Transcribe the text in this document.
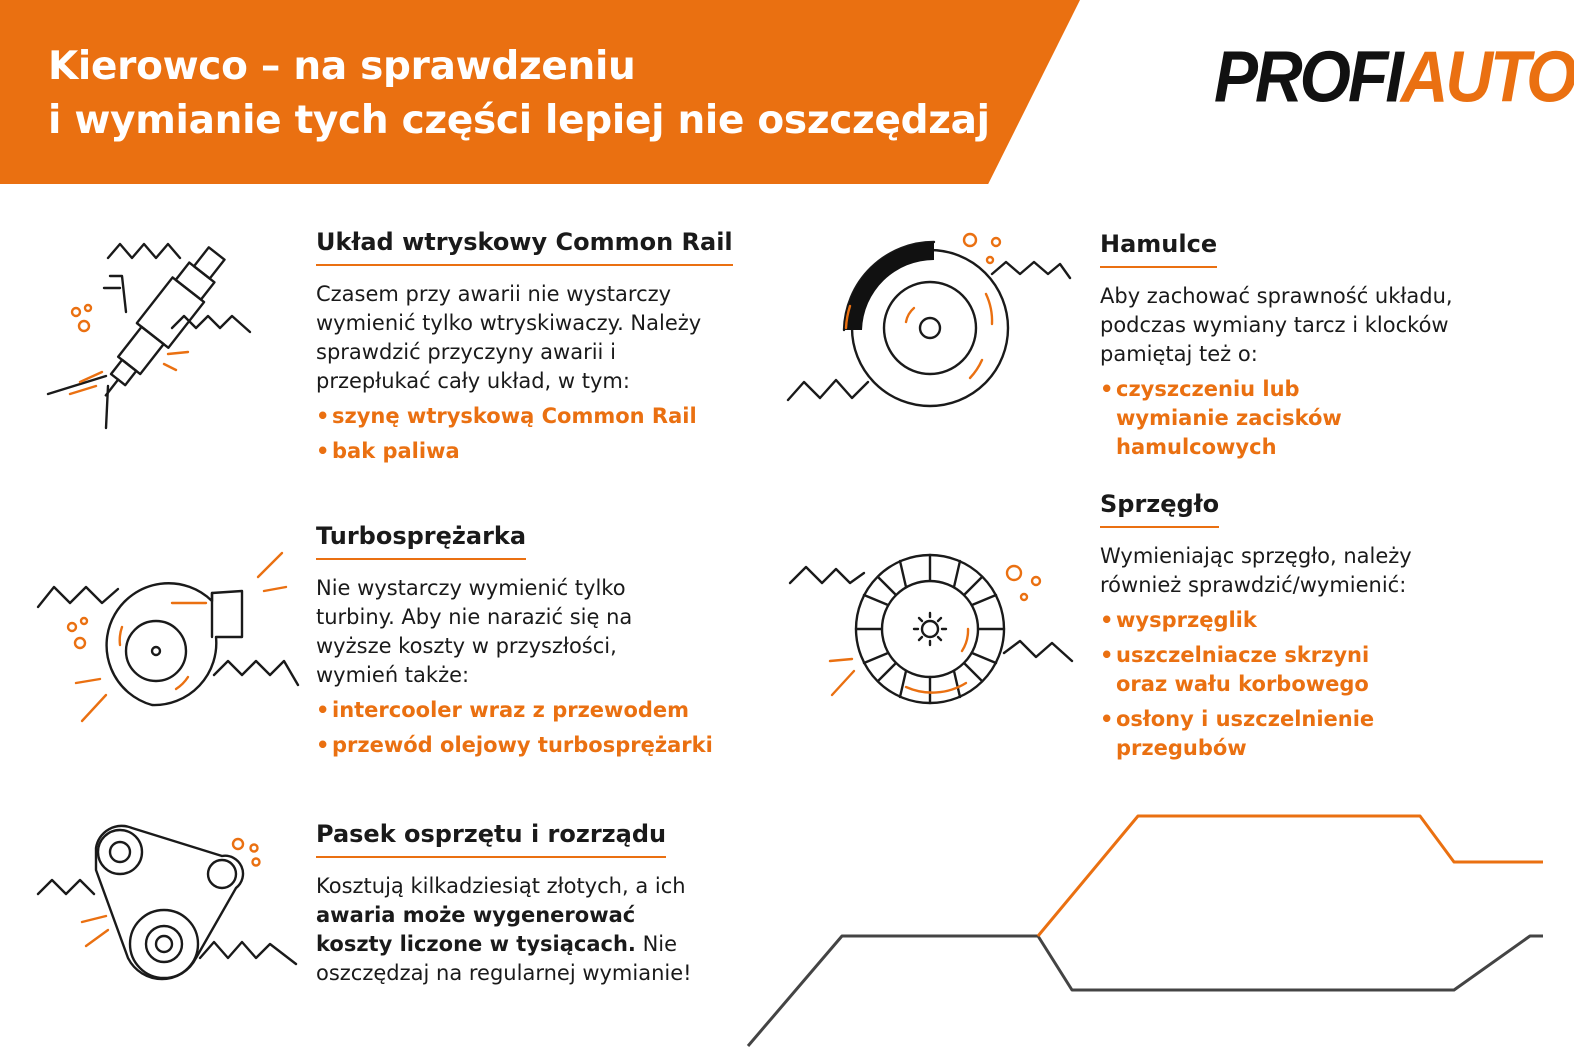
Kierowco – na sprawdzeniu
i wymianie tych części lepiej nie oszczędzaj
PROFIAUTO
Układ wtryskowy Common Rail

Czasem przy awarii nie wystarczy wymienić tylko wtryskiwaczy. Należy sprawdzić przyczyny awarii i przepłukać cały układ, w tym:

• szynę wtryskową Common Rail
• bak paliwa
Turbosprężarka

Nie wystarczy wymienić tylko turbiny. Aby nie narazić się na wyższe koszty w przyszłości, wymień także:

• intercooler wraz z przewodem
• przewód olejowy turbosprężarki
Pasek osprzętu i rozrządu

Kosztują kilkadziesiąt złotych, a ich awaria może wygenerować koszty liczone w tysiącach. Nie oszczędzaj na regularnej wymianie!

Hamulce

Aby zachować sprawność układu, podczas wymiany tarcz i klocków pamiętaj też o:

• czyszczeniu lub wymianie zacisków hamulcowych
Sprzęgło

Wymieniając sprzęgło, należy również sprawdzić/wymienić:

• wysprzęglik
• uszczelniacze skrzyni oraz wału korbowego
• osłony i uszczelnienie przegubów
